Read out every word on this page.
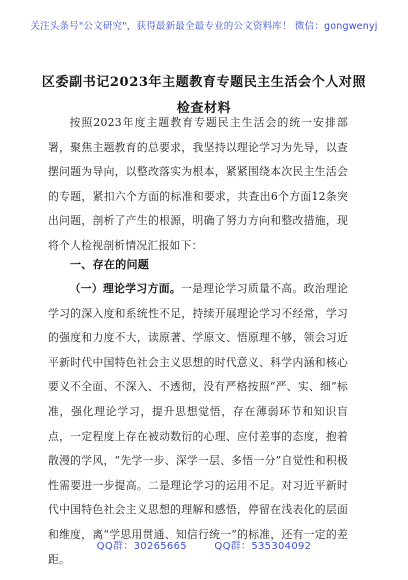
关注头条号"公文研究"，获得最新最全最专业的公文资料库！ 微信：gongwenyj
区委副书记2023年主题教育专题民主生活会个人对照检查材料
按照2023年度主题教育专题民主生活会的统一安排部署，聚焦主题教育的总要求，我坚持以理论学习为先导，以查摆问题为导向，以整改落实为根本，紧紧围绕本次民主生活会的专题，紧扣六个方面的标准和要求，共查出6个方面12条突出问题，剖析了产生的根源，明确了努力方向和整改措施，现将个人检视剖析情况汇报如下：
一、存在的问题
（一）理论学习方面。一是理论学习质量不高。政治理论学习的深入度和系统性不足，持续开展理论学习不经常，学习的强度和力度不大，读原著、学原文、悟原理不够，领会习近平新时代中国特色社会主义思想的时代意义、科学内涵和核心要义不全面、不深入、不透彻，没有严格按照“严、实、细”标准，强化理论学习，提升思想觉悟，存在薄弱环节和知识盲点，一定程度上存在被动数衍的心理、应付差事的态度，抱着散漫的学风，“先学一步、深学一层、多悟一分”自觉性和积极性需要进一步提高。二是理论学习的运用不足。对习近平新时代中国特色社会主义思想的理解和感悟，停留在浅表化的层面和维度，离“学思用贯通、知信行统一”的标准，还有一定的差距。
QQ群：30265665	QQ群：535304092
